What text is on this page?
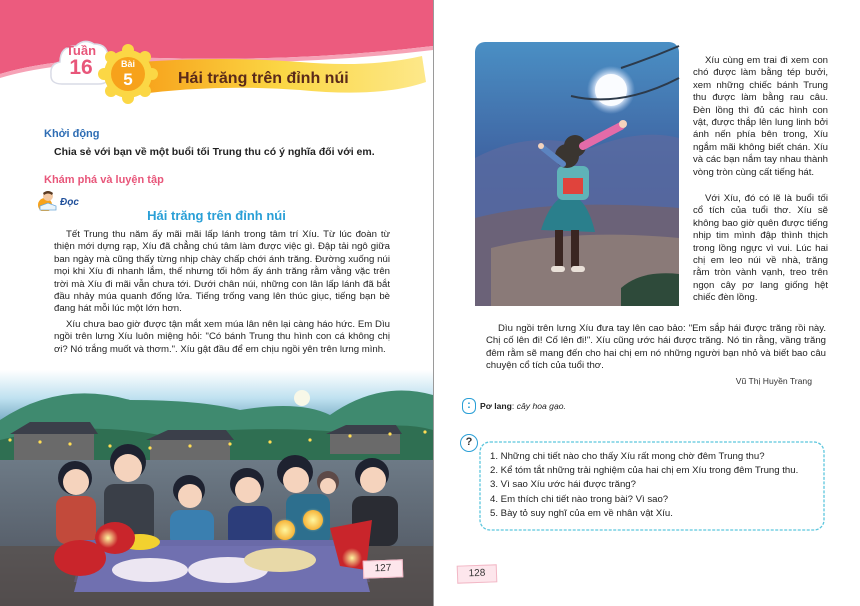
Tuần
16	Bài
5	Hái trăng trên đỉnh núi
Khởi động
Chia sẻ với bạn về một buổi tối Trung thu có ý nghĩa đối với em.
Khám phá và luyện tập
Đọc
Hái trăng trên đỉnh núi
Tết Trung thu năm ấy mãi mãi lấp lánh trong tâm trí Xíu. Từ lúc đoàn từ thiện mới dựng rạp, Xíu đã chẳng chú tâm làm được việc gì. Đập tải ngô giữa ban ngày mà cũng thấy từng nhịp chày chấp chới ánh trăng. Đường xuống núi mọi khi Xíu đi nhanh lắm, thế nhưng tối hôm ấy ánh trăng rằm vằng vặc trên trời mà Xíu đi mãi vẫn chưa tới. Dưới chân núi, những con lân lấp lánh đã bắt đầu nhảy múa quanh đống lửa. Tiếng trống vang lên thúc giục, tiếng bạn bè đang hát mỗi lúc một lớn hơn.
Xíu chưa bao giờ được tận mắt xem múa lân nên lại càng háo hức. Em Dìu ngồi trên lưng Xíu luôn miệng hỏi: "Có bánh Trung thu hình con cá không chị ơi? Nó trắng muốt và thơm.". Xíu gật đầu để em chịu ngồi yên trên lưng mình.
127
Xíu cùng em trai đi xem con chó được làm bằng tép bưởi, xem những chiếc bánh Trung thu được làm bằng rau câu. Đèn lồng thì đủ các hình con vật, được thắp lên lung linh bởi ánh nến phía bên trong, Xíu ngắm mãi không biết chán. Xíu và các bạn nắm tay nhau thành vòng tròn cùng cất tiếng hát.
Với Xíu, đó có lẽ là buổi tối cổ tích của tuổi thơ. Xíu sẽ không bao giờ quên được tiếng nhịp tim mình đập thình thịch trong lồng ngực vì vui. Lúc hai chị em leo núi về nhà, trăng rằm tròn vành vạnh, treo trên ngọn cây pơ lang giống hệt chiếc đèn lồng.
Dìu ngồi trên lưng Xíu đưa tay lên cao bảo: "Em sắp hái được trăng rồi này. Chị cố lên đi! Cố lên đi!". Xíu cũng ước hái được trăng. Nó tin rằng, vầng trăng đêm rằm sẽ mang đến cho hai chị em nó những người bạn nhỏ và biết bao câu chuyện cổ tích của tuổi thơ.
Vũ Thị Huyền Trang
:	Pơ lang: cây hoa gạo.
?
1. Những chi tiết nào cho thấy Xíu rất mong chờ đêm Trung thu?
2. Kể tóm tắt những trải nghiệm của hai chị em Xíu trong đêm Trung thu.
3. Vì sao Xíu ước hái được trăng?
4. Em thích chi tiết nào trong bài? Vì sao?
5. Bày tỏ suy nghĩ của em về nhân vật Xíu.
128
